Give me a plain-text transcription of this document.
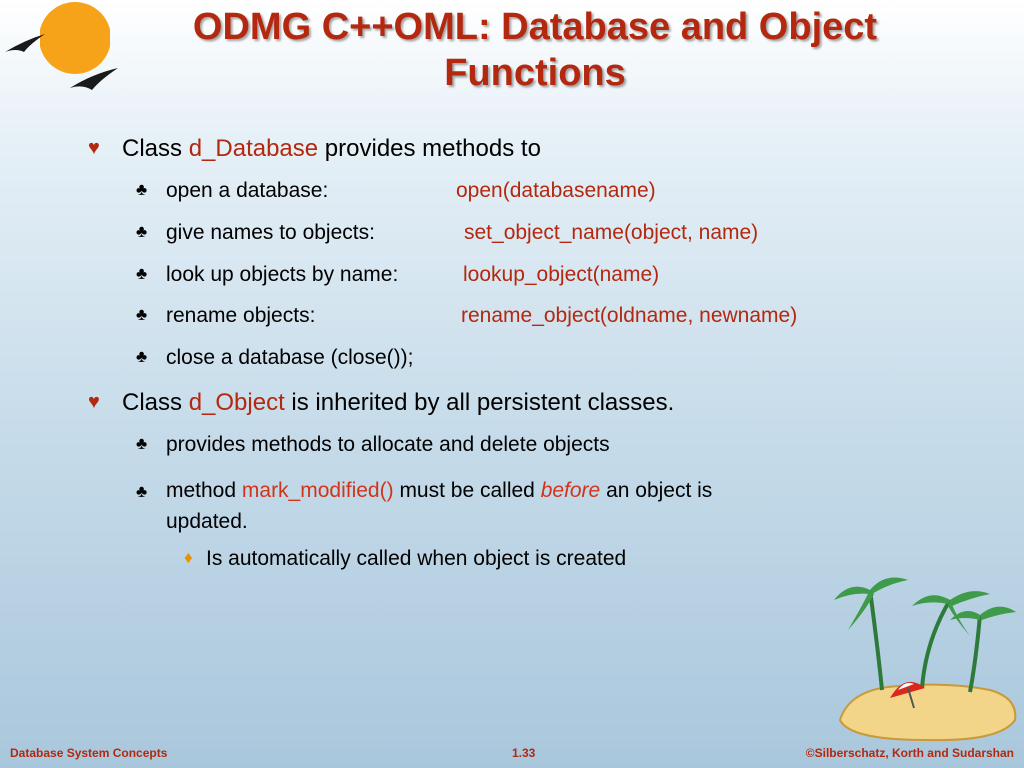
ODMG C++OML: Database and Object Functions
♥ Class d_Database provides methods to
♣ open a database:	open(databasename)
♣ give names to objects:	set_object_name(object, name)
♣ look up objects by name:	lookup_object(name)
♣ rename objects:	rename_object(oldname, newname)
♣ close a database (close());
♥ Class d_Object is inherited by all persistent classes.
♣ provides methods to allocate and delete objects
♣ method mark_modified() must be called before an object is
updated.
♦ Is automatically called when object is created
Database System Concepts	1.33	©Silberschatz, Korth and Sudarshan
